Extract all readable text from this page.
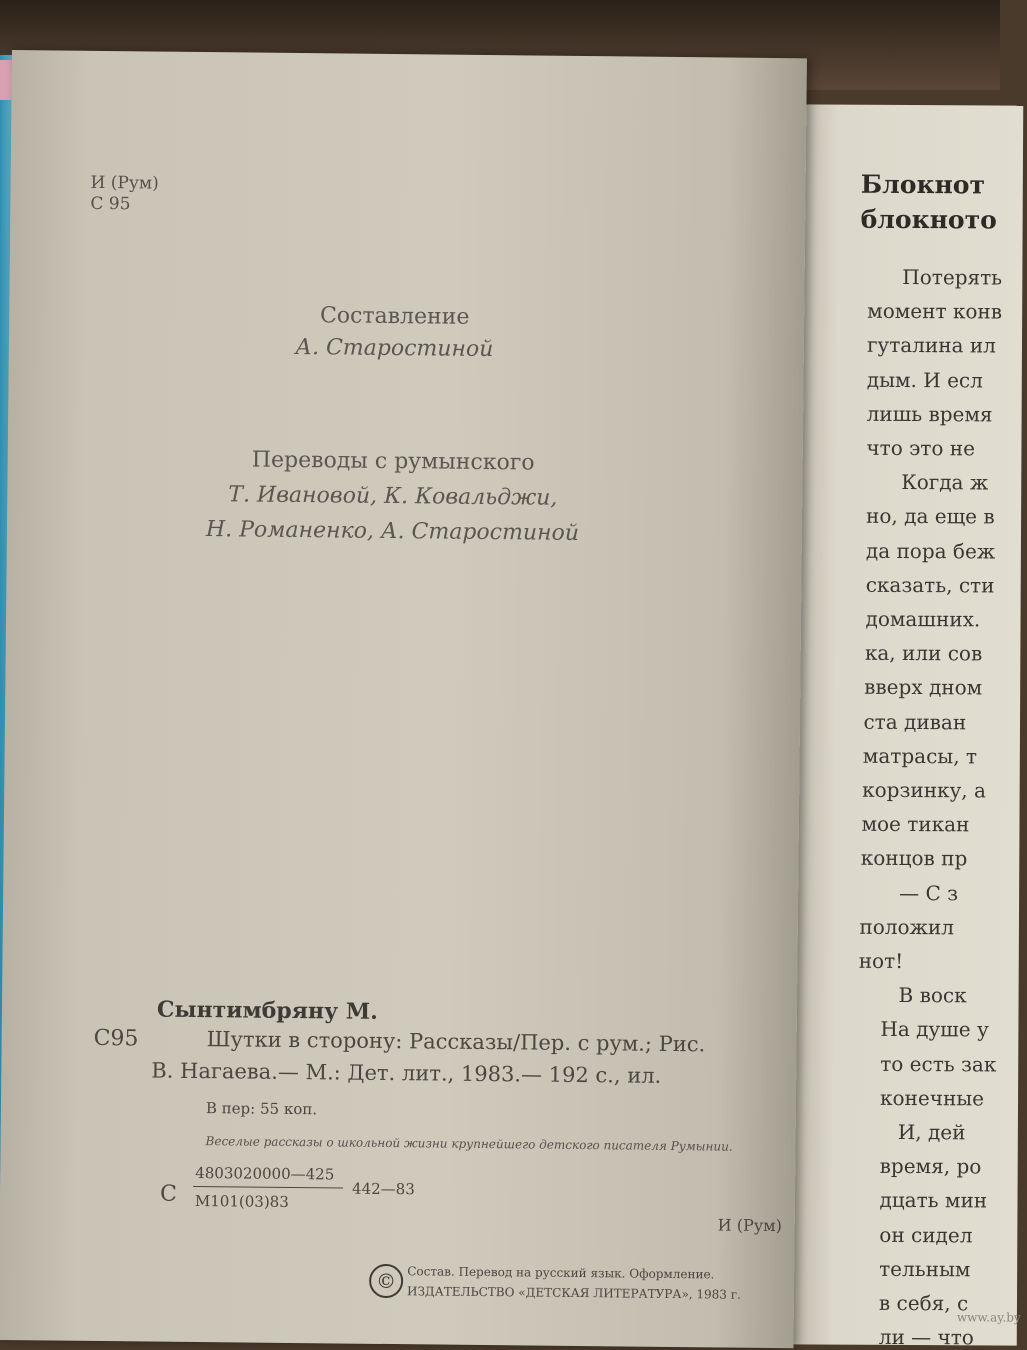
Блокнот
блокното
Потерять
момент конв
гуталина ил
дым. И есл
лишь время
что это не
Когда ж
но, да еще в
да пора беж
сказать, сти
домашних.
ка, или сов
вверх дном
ста диван
матрасы, т
корзинку, а
мое тикан
концов пр
— С з
положил
нот!
В воск
На душе у
то есть зак
конечные
И, дей
время, ро
дцать мин
он сидел
тельным
в себя, с
ли — что
www.ay.by
И (Рум)
С 95
Составление
А. Старостиной
Переводы с румынского
Т. Ивановой, К. Ковальджи,
Н. Романенко, А. Старостиной
Сынтимбряну М.
С95	Шутки в сторону: Рассказы/Пер. с рум.; Рис.
В. Нагаева.— М.: Дет. лит., 1983.— 192 с., ил.
В пер: 55 коп.
Веселые рассказы о школьной жизни крупнейшего детского писателя Румынии.
С
4803020000—425
М101(03)83
442—83
И (Рум)
© Состав. Перевод на русский язык. Оформление.
ИЗДАТЕЛЬСТВО «ДЕТСКАЯ ЛИТЕРАТУРА», 1983 г.
